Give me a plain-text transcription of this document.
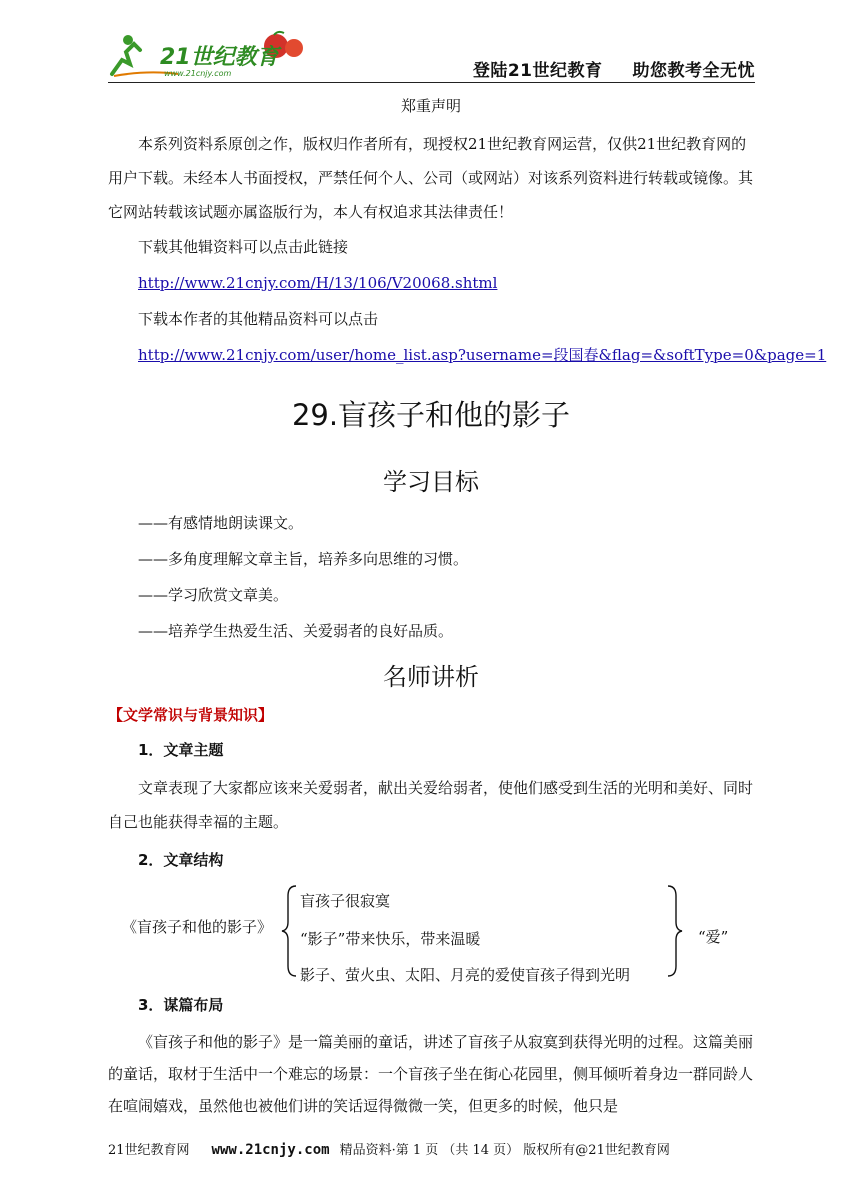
21世纪教育
www.21cnjy.com	登陆21世纪教育 助您教考全无忧
郑重声明

本系列资料系原创之作，版权归作者所有，现授权21世纪教育网运营，仅供21世纪教育网的用户下载。未经本人书面授权，严禁任何个人、公司（或网站）对该系列资料进行转载或镜像。其它网站转载该试题亦属盗版行为，本人有权追求其法律责任！

下载其他辑资料可以点击此链接

http://www.21cnjy.com/H/13/106/V20068.shtml

下载本作者的其他精品资料可以点击

http://www.21cnjy.com/user/home_list.asp?username=段国春&flag=&softType=0&page=1

29.盲孩子和他的影子
学习目标

——有感情地朗读课文。

——多角度理解文章主旨，培养多向思维的习惯。

——学习欣赏文章美。

——培养学生热爱生活、关爱弱者的良好品质。

名师讲析
【文学常识与背景知识】
1．文章主题

文章表现了大家都应该来关爱弱者，献出关爱给弱者，使他们感受到生活的光明和美好、同时自己也能获得幸福的主题。

2．文章结构
《盲孩子和他的影子》
盲孩子很寂寞
“影子”带来快乐，带来温暖
影子、萤火虫、太阳、月亮的爱使盲孩子得到光明
“爱”
3．谋篇布局

《盲孩子和他的影子》是一篇美丽的童话，讲述了盲孩子从寂寞到获得光明的过程。这篇美丽的童话，取材于生活中一个难忘的场景：一个盲孩子坐在街心花园里，侧耳倾听着身边一群同龄人在喧闹嬉戏，虽然他也被他们讲的笑话逗得微微一笑，但更多的时候，他只是

21世纪教育网 www.21cnjy.com 精品资料·第 1 页 （共 14 页） 版权所有@21世纪教育网
